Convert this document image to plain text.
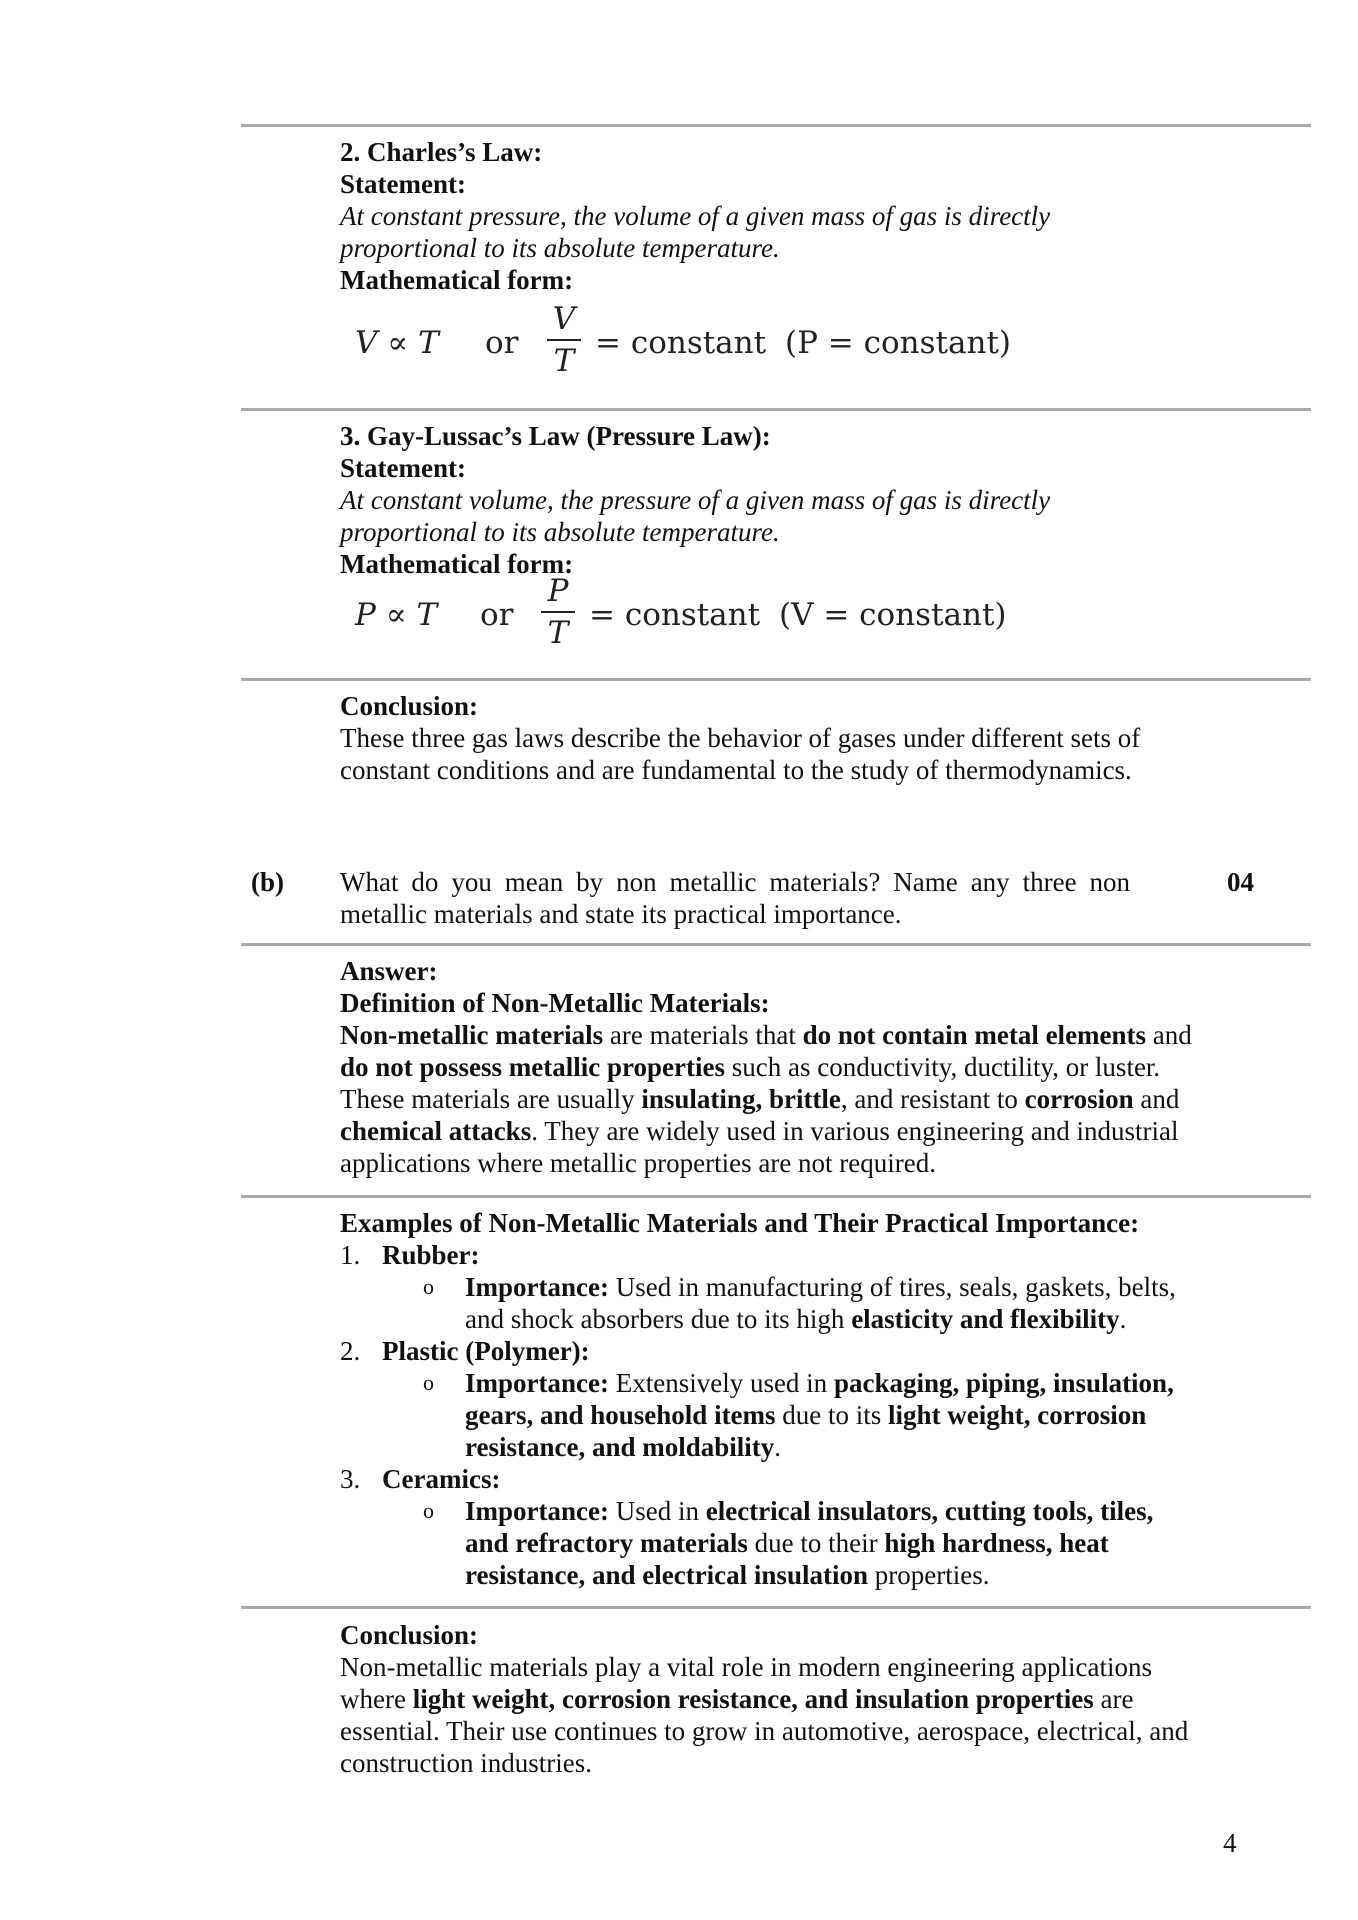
2. Charles’s Law:
Statement:
At constant pressure, the volume of a given mass of gas is directly
proportional to its absolute temperature.
Mathematical form:
V ∝ T or
V
T = constant (P = constant)
3. Gay-Lussac’s Law (Pressure Law):
Statement:
At constant volume, the pressure of a given mass of gas is directly
proportional to its absolute temperature.
Mathematical form:
P ∝ T or
P
T = constant (V = constant)
Conclusion:
These three gas laws describe the behavior of gases under different sets of
constant conditions and are fundamental to the study of thermodynamics.
(b) What do you mean by non metallic materials? Name any three non
metallic materials and state its practical importance.
04
Answer:
Definition of Non-Metallic Materials:
Non-metallic materials are materials that do not contain metal elements and
do not possess metallic properties such as conductivity, ductility, or luster.
These materials are usually insulating, brittle, and resistant to corrosion and
chemical attacks. They are widely used in various engineering and industrial
applications where metallic properties are not required.
Examples of Non-Metallic Materials and Their Practical Importance:
1. Rubber:
o Importance: Used in manufacturing of tires, seals, gaskets, belts,
and shock absorbers due to its high elasticity and flexibility.
2. Plastic (Polymer):
o Importance: Extensively used in packaging, piping, insulation,
gears, and household items due to its light weight, corrosion
resistance, and moldability.
3. Ceramics:
o Importance: Used in electrical insulators, cutting tools, tiles,
and refractory materials due to their high hardness, heat
resistance, and electrical insulation properties.
Conclusion:
Non-metallic materials play a vital role in modern engineering applications
where light weight, corrosion resistance, and insulation properties are
essential. Their use continues to grow in automotive, aerospace, electrical, and
construction industries.
4
